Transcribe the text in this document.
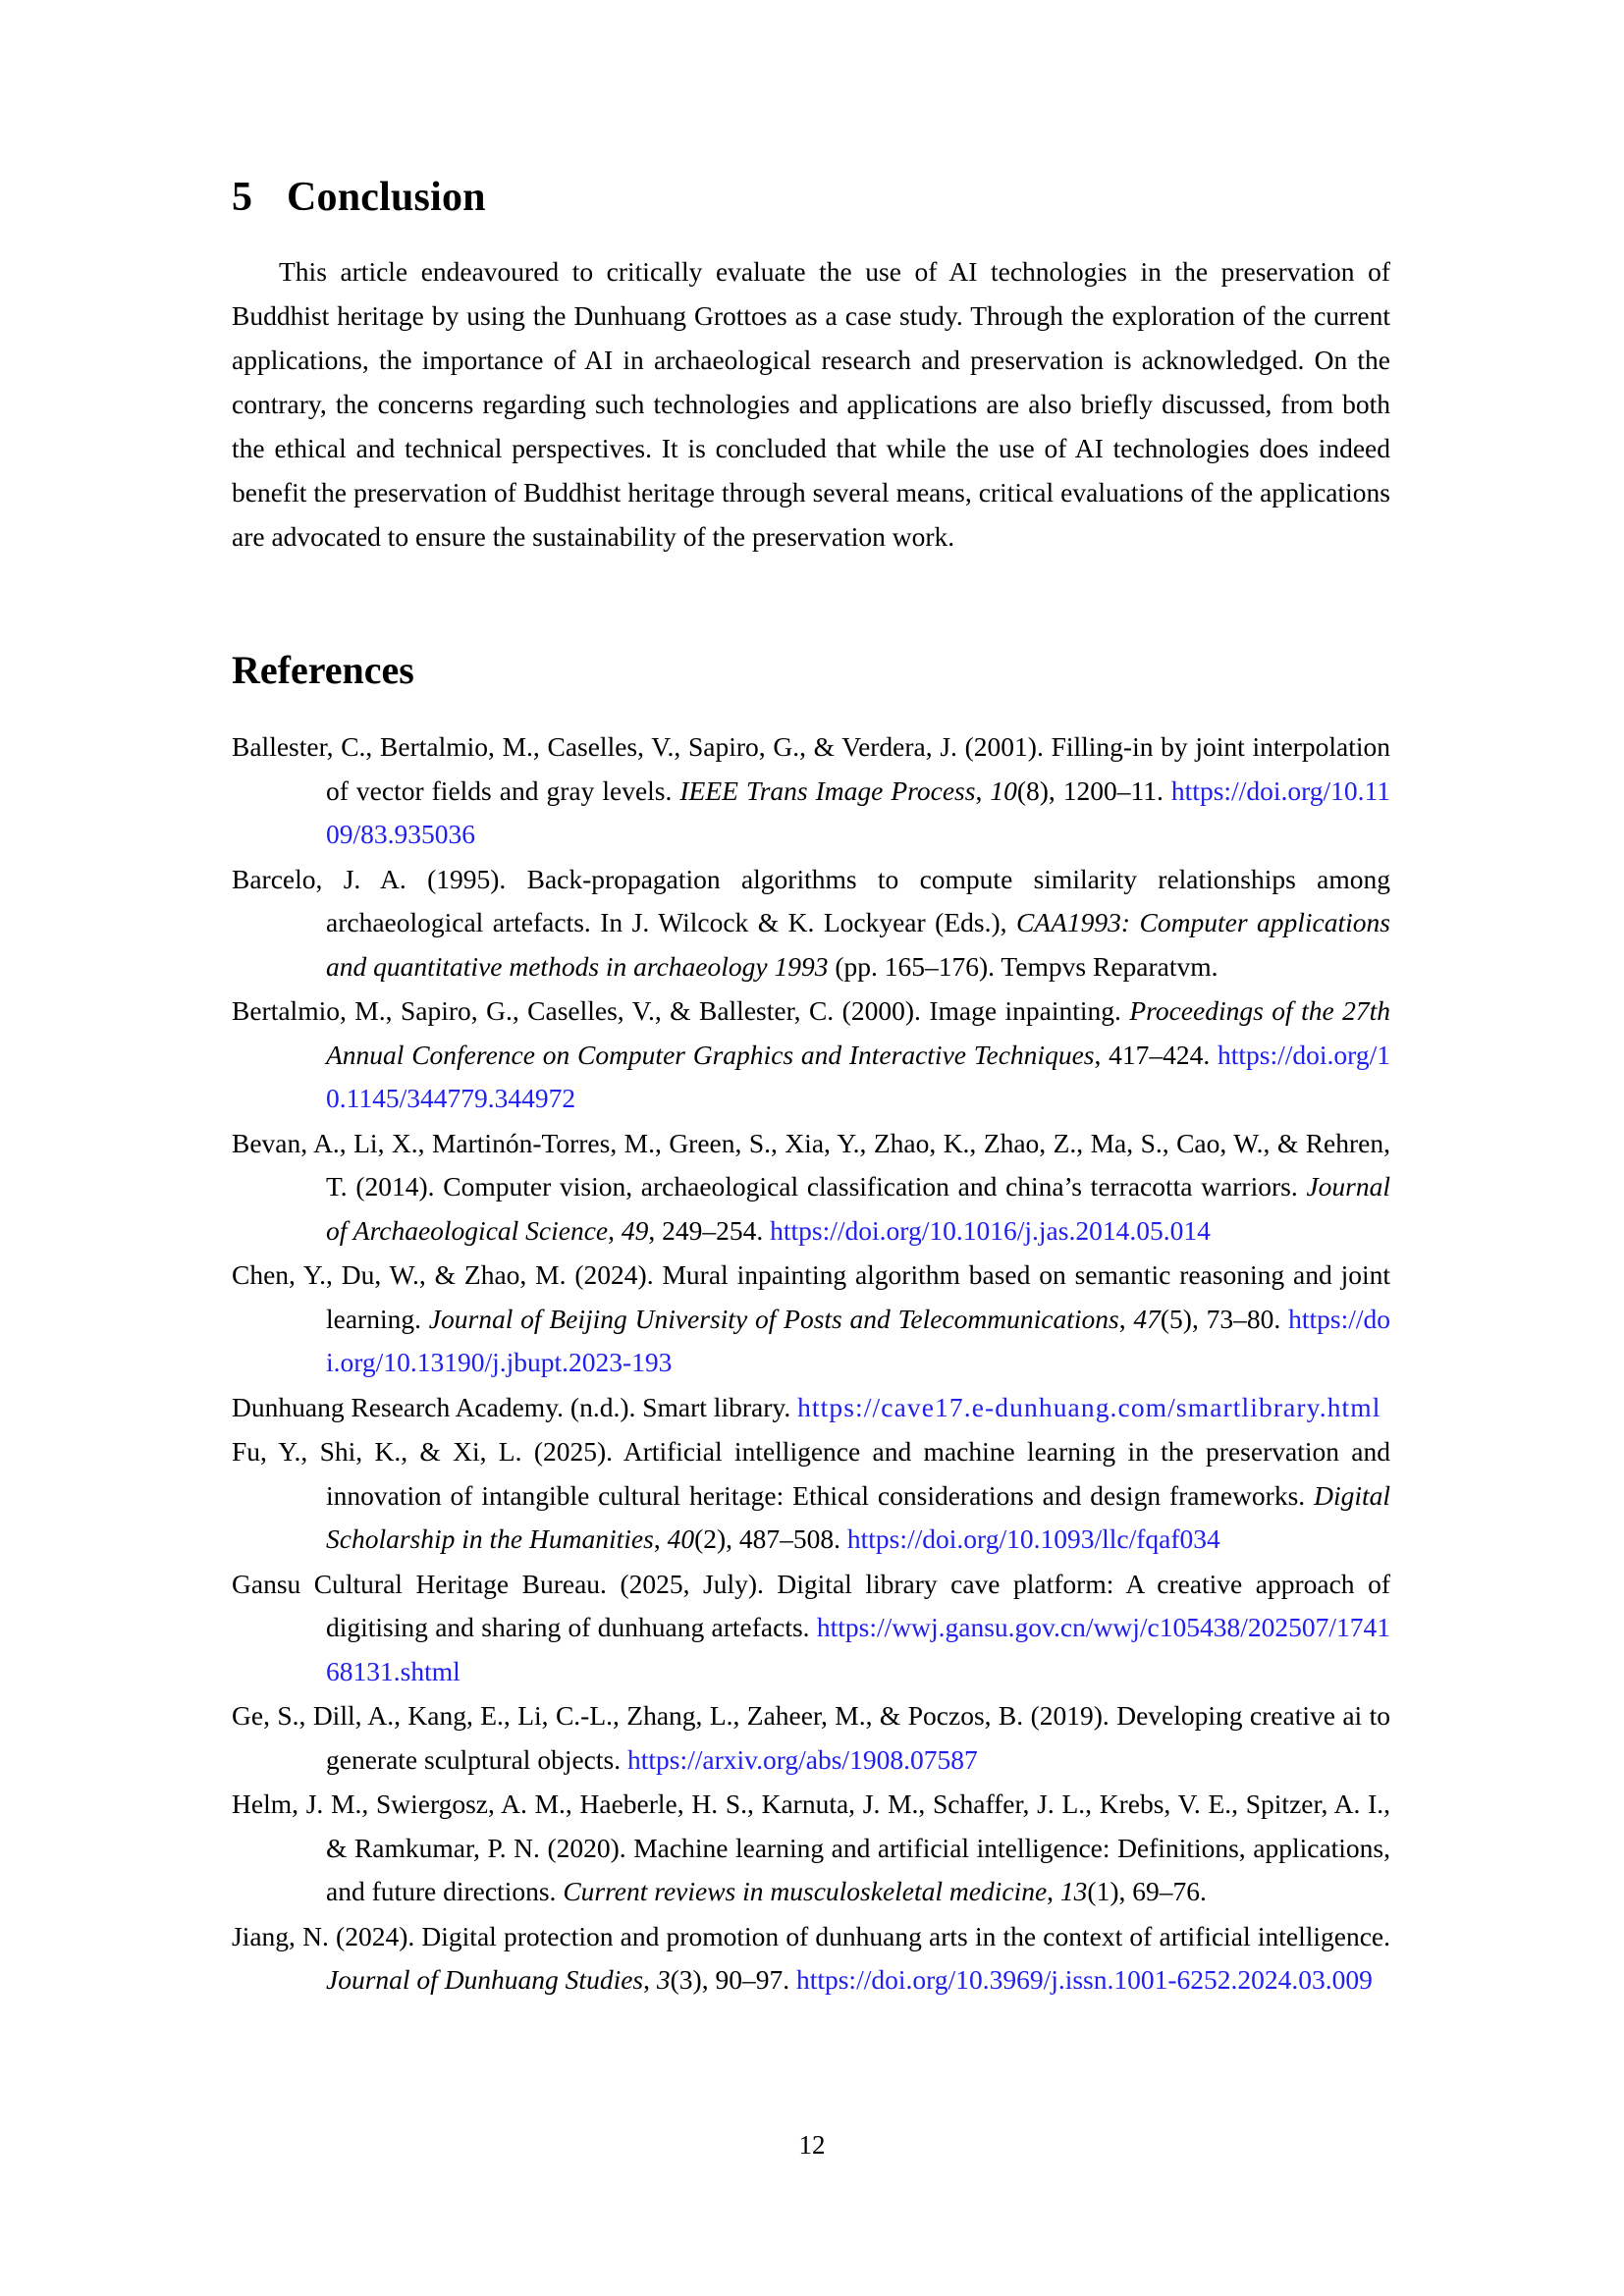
5 Conclusion

This article endeavoured to critically evaluate the use of AI technologies in the preservation of Buddhist heritage by using the Dunhuang Grottoes as a case study. Through the exploration of the current applications, the importance of AI in archaeological research and preservation is acknowledged. On the contrary, the concerns regarding such technologies and applications are also briefly discussed, from both the ethical and technical perspectives. It is concluded that while the use of AI technologies does indeed benefit the preservation of Buddhist heritage through several means, critical evaluations of the applications are advocated to ensure the sustainability of the preservation work.

References
Ballester, C., Bertalmio, M., Caselles, V., Sapiro, G., & Verdera, J. (2001). Filling-in by joint interpolation of vector fields and gray levels. IEEE Trans Image Process, 10(8), 1200–11. https://doi.org/10.1109/83.935036
Barcelo, J. A. (1995). Back-propagation algorithms to compute similarity relationships among archaeological artefacts. In J. Wilcock & K. Lockyear (Eds.), CAA1993: Computer applications and quantitative methods in archaeology 1993 (pp. 165–176). Tempvs Reparatvm.
Bertalmio, M., Sapiro, G., Caselles, V., & Ballester, C. (2000). Image inpainting. Proceedings of the 27th Annual Conference on Computer Graphics and Interactive Techniques, 417–424. https://doi.org/10.1145/344779.344972
Bevan, A., Li, X., Martinón-Torres, M., Green, S., Xia, Y., Zhao, K., Zhao, Z., Ma, S., Cao, W., & Rehren, T. (2014). Computer vision, archaeological classification and china’s terracotta warriors. Journal of Archaeological Science, 49, 249–254. https://doi.org/10.1016/j.jas.2014.05.014
Chen, Y., Du, W., & Zhao, M. (2024). Mural inpainting algorithm based on semantic reasoning and joint learning. Journal of Beijing University of Posts and Telecommunications, 47(5), 73–80. https://doi.org/10.13190/j.jbupt.2023-193
Dunhuang Research Academy. (n.d.). Smart library. https://cave17.e-dunhuang.com/smartlibrary.html
Fu, Y., Shi, K., & Xi, L. (2025). Artificial intelligence and machine learning in the preservation and innovation of intangible cultural heritage: Ethical considerations and design frameworks. Digital Scholarship in the Humanities, 40(2), 487–508. https://doi.org/10.1093/llc/fqaf034
Gansu Cultural Heritage Bureau. (2025, July). Digital library cave platform: A creative approach of digitising and sharing of dunhuang artefacts. https://wwj.gansu.gov.cn/wwj/c105438/202507/174168131.shtml
Ge, S., Dill, A., Kang, E., Li, C.-L., Zhang, L., Zaheer, M., & Poczos, B. (2019). Developing creative ai to generate sculptural objects. https://arxiv.org/abs/1908.07587
Helm, J. M., Swiergosz, A. M., Haeberle, H. S., Karnuta, J. M., Schaffer, J. L., Krebs, V. E., Spitzer, A. I., & Ramkumar, P. N. (2020). Machine learning and artificial intelligence: Definitions, applications, and future directions. Current reviews in musculoskeletal medicine, 13(1), 69–76.
Jiang, N. (2024). Digital protection and promotion of dunhuang arts in the context of artificial intelligence. Journal of Dunhuang Studies, 3(3), 90–97. https://doi.org/10.3969/j.issn.1001-6252.2024.03.009
12
